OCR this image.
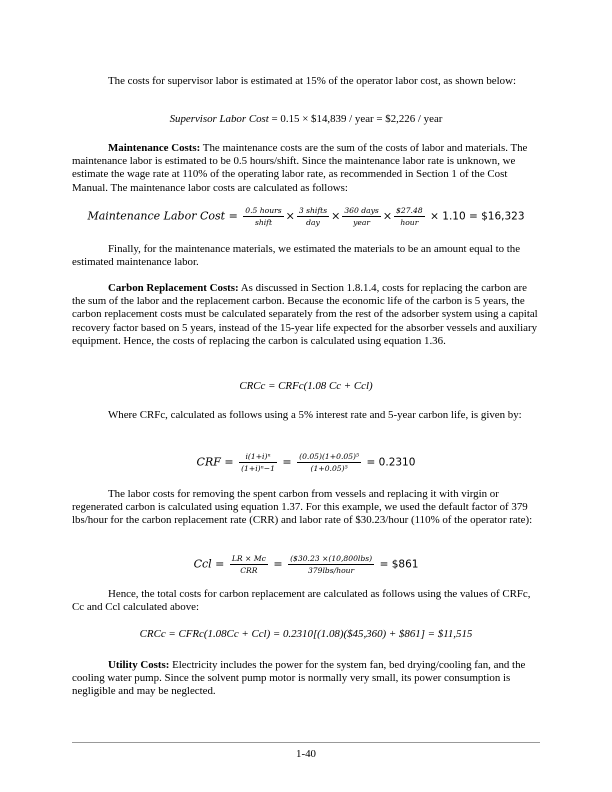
The costs for supervisor labor is estimated at 15% of the operator labor cost, as shown below:

Supervisor Labor Cost = 0.15 × $14,839 / year = $2,226 / year

Maintenance Costs: The maintenance costs are the sum of the costs of labor and materials. The maintenance labor is estimated to be 0.5 hours/shift. Since the maintenance labor rate is unknown, we estimate the wage rate at 110% of the operating labor rate, as recommended in Section 1 of the Cost Manual. The maintenance labor costs are calculated as follows:

Maintenance Labor Cost = $\frac{\text{0.5 hours}}{\text{shift}} \times \frac{\text{3 shifts}}{\text{day}} \times \frac{\text{360 days}}{\text{year}} \times \frac{\$27.48}{\text{hour}} \times 1.10$ = $16,323

Finally, for the maintenance materials, we estimated the materials to be an amount equal to the estimated maintenance labor.

Carbon Replacement Costs: As discussed in Section 1.8.1.4, costs for replacing the carbon are the sum of the labor and the replacement carbon. Because the economic life of the carbon is 5 years, the carbon replacement costs must be calculated separately from the rest of the adsorber system using a capital recovery factor based on 5 years, instead of the 15-year life expected for the absorber vessels and auxiliary equipment. Hence, the costs of replacing the carbon is calculated using equation 1.36.

CRCc = CRFc(1.08 Cc + Ccl)

Where CRFc, calculated as follows using a 5% interest rate and 5-year carbon life, is given by:

CRF = $\frac{\text{i(1+i)ⁿ}}{\text{(1+i)ⁿ−1}} = \frac{\text{(0.05)(1+0.05)⁵}}{\text{(1+0.05)⁵}} = 0.2310$

The labor costs for removing the spent carbon from vessels and replacing it with virgin or regenerated carbon is calculated using equation 1.37. For this example, we used the default factor of 379 lbs/hour for the carbon replacement rate (CRR) and labor rate of $30.23/hour (110% of the operator rate):

Ccl = $\frac{LR \times Mc}{\text{CRR}} = \frac{\text{(\$30.23 ×(10,800lbs)}}{\text{379lbs/hour}}$ = $861

Hence, the total costs for carbon replacement are calculated as follows using the values of CRFc, Cc and Ccl calculated above:

CRCc = CFRc(1.08Cc + Ccl) = 0.2310[(1.08)($45,360) + $861] = $11,515

Utility Costs: Electricity includes the power for the system fan, bed drying/cooling fan, and the cooling water pump. Since the solvent pump motor is normally very small, its power consumption is negligible and may be neglected.

1-40
